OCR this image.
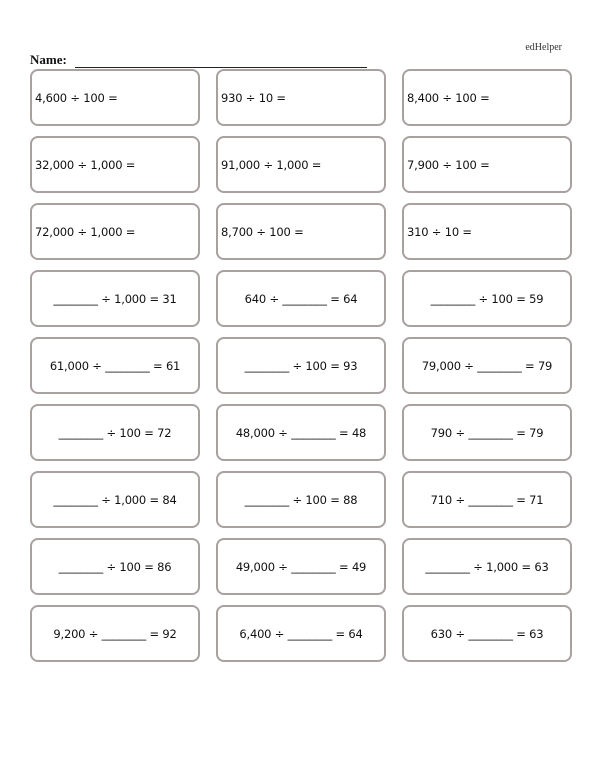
edHelper
Name:
4,600 ÷ 100 =	930 ÷ 10 =	8,400 ÷ 100 =
32,000 ÷ 1,000 =	91,000 ÷ 1,000 =	7,900 ÷ 100 =
72,000 ÷ 1,000 =	8,700 ÷ 100 =	310 ÷ 10 =
________ ÷ 1,000 = 31	640 ÷ ________ = 64	________ ÷ 100 = 59
61,000 ÷ ________ = 61	________ ÷ 100 = 93	79,000 ÷ ________ = 79
________ ÷ 100 = 72	48,000 ÷ ________ = 48	790 ÷ ________ = 79
________ ÷ 1,000 = 84	________ ÷ 100 = 88	710 ÷ ________ = 71
________ ÷ 100 = 86	49,000 ÷ ________ = 49	________ ÷ 1,000 = 63
9,200 ÷ ________ = 92	6,400 ÷ ________ = 64	630 ÷ ________ = 63
